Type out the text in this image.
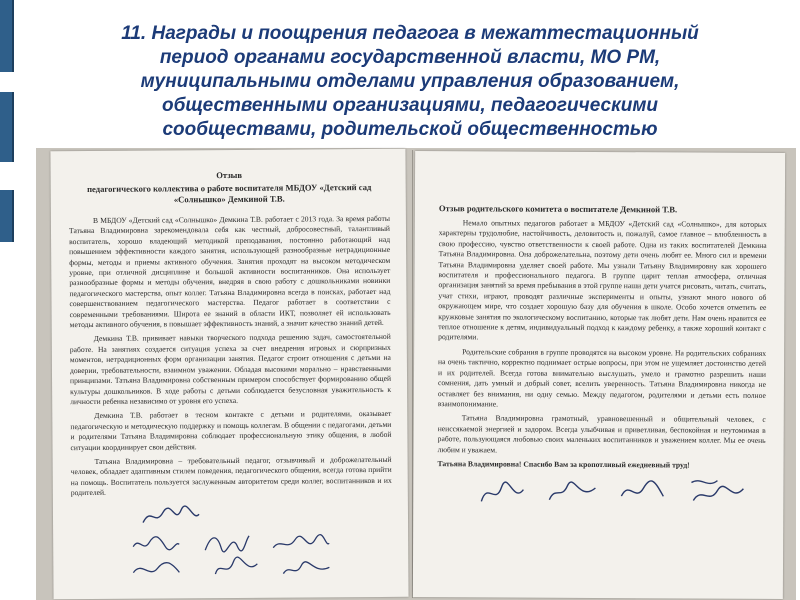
11. Награды и поощрения педагога в межаттестационный
период органами государственной власти, МО РМ,
муниципальными отделами управления образованием,
общественными организациями, педагогическими
сообществами, родительской общественностью
Отзыв
педагогического коллектива о работе воспитателя МБДОУ «Детский сад «Солнышко» Демкиной Т.В.

В МБДОУ «Детский сад «Солнышко» Демкина Т.В. работает с 2013 года. За время работы Татьяна Владимировна зарекомендовала себя как честный, добросовестный, талантливый воспитатель, хорошо владеющий методикой преподавания, постоянно работающий над повышением эффективности каждого занятия, использующей разнообразные нетрадиционные формы, методы и приемы активного обучения. Занятия проходят на высоком методическом уровне, при отличной дисциплине и большой активности воспитанников. Она использует разнообразные формы и методы обучения, внедряя в свою работу с дошкольниками новинки педагогического мастерства, опыт коллег. Татьяна Владимировна всегда в поисках, работает над совершенствованием педагогического мастерства. Педагог работает в соответствии с современными требованиями. Широта ее знаний в области ИКТ, позволяет ей использовать методы активного обучения, в повышает эффективность знаний, а значит качество знаний детей.

Демкина Т.В. прививает навыки творческого подхода решению задач, самостоятельной работе. На занятиях создается ситуация успеха за счет внедрения игровых и сюрпризных моментов, нетрадиционных форм организации занятия. Педагог строит отношения с детьми на доверии, требовательности, взаимном уважении. Обладая высокими морально – нравственными принципами. Татьяна Владимировна собственным примером способствует формированию общей культуры дошкольников. В ходе работы с детьми соблюдается безусловная уважительность к личности ребенка независимо от уровня его успеха.

Демкина Т.В. работает в тесном контакте с детьми и родителями, оказывает педагогическую и методическую поддержку и помощь коллегам. В общении с педагогами, детьми и родителями Татьяна Владимировна соблюдает профессиональную этику общения, в любой ситуации координирует свои действия.

Татьяна Владимировна – требовательный педагог, отзывчивый и доброжелательный человек, обладает адаптивным стилем поведения, педагогического общения, всегда готова прийти на помощь. Воспитатель пользуется заслуженным авторитетом среди коллег, воспитанников и их родителей.

Отзыв родительского комитета о воспитателе Демкиной Т.В.

Немало опытных педагогов работает в МБДОУ «Детский сад «Солнышко», для которых характерны трудолюбие, настойчивость, деловитость и, пожалуй, самое главное – влюбленность в свою профессию, чувство ответственности к своей работе. Одна из таких воспитателей Демкина Татьяна Владимировна. Она доброжелательна, поэтому дети очень любят ее. Много сил и времени Татьяна Владимировна уделяет своей работе. Мы узнали Татьяну Владимировну как хорошего воспитателя и профессионального педагога. В группе царит теплая атмосфера, отличная организация занятий за время пребывания в этой группе наши дети учатся рисовать, читать, считать, учат стихи, играют, проводят различные эксперименты и опыты, узнают много нового об окружающем мире, что создает хорошую базу для обучения в школе. Особо хочется отметить ее кружковые занятия по экологическому воспитанию, которые так любят дети. Нам очень нравится ее теплое отношение к детям, индивидуальный подход к каждому ребенку, а также хороший контакт с родителями.

Родительские собрания в группе проводятся на высоком уровне. На родительских собраниях на очень тактично, корректно поднимает острые вопросы, при этом не ущемляет достоинство детей и их родителей. Всегда готова внимательно выслушать, умело и грамотно разрешить наши сомнения, дать умный и добрый совет, вселить уверенность. Татьяна Владимировна никогда не оставляет без внимания, ни одну семью. Между педагогом, родителями и детьми есть полное взаимопонимание.

Татьяна Владимировна грамотный, уравновешенный и общительный человек, с неиссякаемой энергией и задором. Всегда улыбчивая и приветливая, беспокойная и неутомимая в работе, пользующаяся любовью своих маленьких воспитанников и уважением коллег. Мы ее очень любим и уважаем.

Татьяна Владимировна! Спасибо Вам за кропотливый ежедневный труд!
